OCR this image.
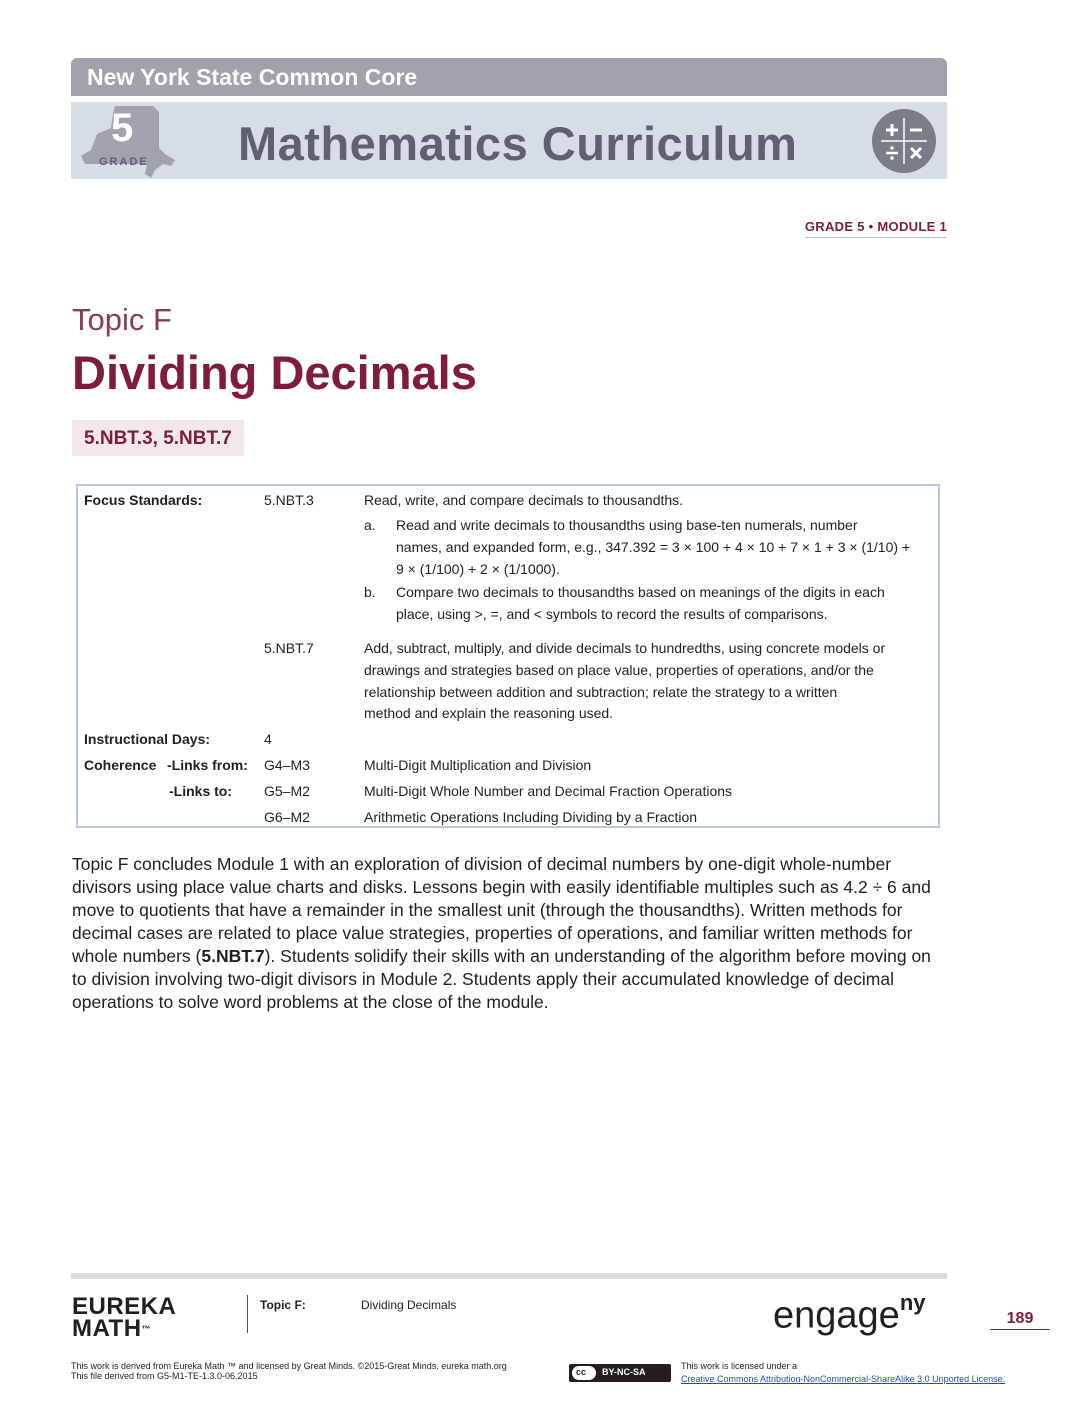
New York State Common Core
5
GRADE Mathematics Curriculum
GRADE 5 • MODULE 1
Topic F
Dividing Decimals
5.NBT.3, 5.NBT.7
Focus Standards:	5.NBT.3	Read, write, and compare decimals to thousandths.
a. Read and write decimals to thousandths using base-ten numerals, number
names, and expanded form, e.g., 347.392 = 3 × 100 + 4 × 10 + 7 × 1 + 3 × (1/10) +
9 × (1/100) + 2 × (1/1000).
b. Compare two decimals to thousandths based on meanings of the digits in each
place, using >, =, and < symbols to record the results of comparisons.
5.NBT.7	Add, subtract, multiply, and divide decimals to hundredths, using concrete models or
drawings and strategies based on place value, properties of operations, and/or the
relationship between addition and subtraction; relate the strategy to a written
method and explain the reasoning used.
Instructional Days:	4
Coherence -Links from: G4–M3	Multi-Digit Multiplication and Division
-Links to: G5–M2	Multi-Digit Whole Number and Decimal Fraction Operations
G6–M2	Arithmetic Operations Including Dividing by a Fraction
Topic F concludes Module 1 with an exploration of division of decimal numbers by one-digit whole-number divisors using place value charts and disks. Lessons begin with easily identifiable multiples such as 4.2 ÷ 6 and move to quotients that have a remainder in the smallest unit (through the thousandths). Written methods for decimal cases are related to place value strategies, properties of operations, and familiar written methods for whole numbers (5.NBT.7). Students solidify their skills with an understanding of the algorithm before moving on to division involving two-digit divisors in Module 2. Students apply their accumulated knowledge of decimal operations to solve word problems at the close of the module.
EUREKA
MATH™
Topic F:	Dividing Decimals	engage$^{ny}$
189
This work is derived from Eureka Math ™ and licensed by Great Minds. ©2015-Great Minds. eureka math.org
This file derived from G5-M1-TE-1.3.0-06.2015	cc BY-NC-SA
This work is licensed under a
Creative Commons Attribution-NonCommercial-ShareAlike 3.0 Unported License.
